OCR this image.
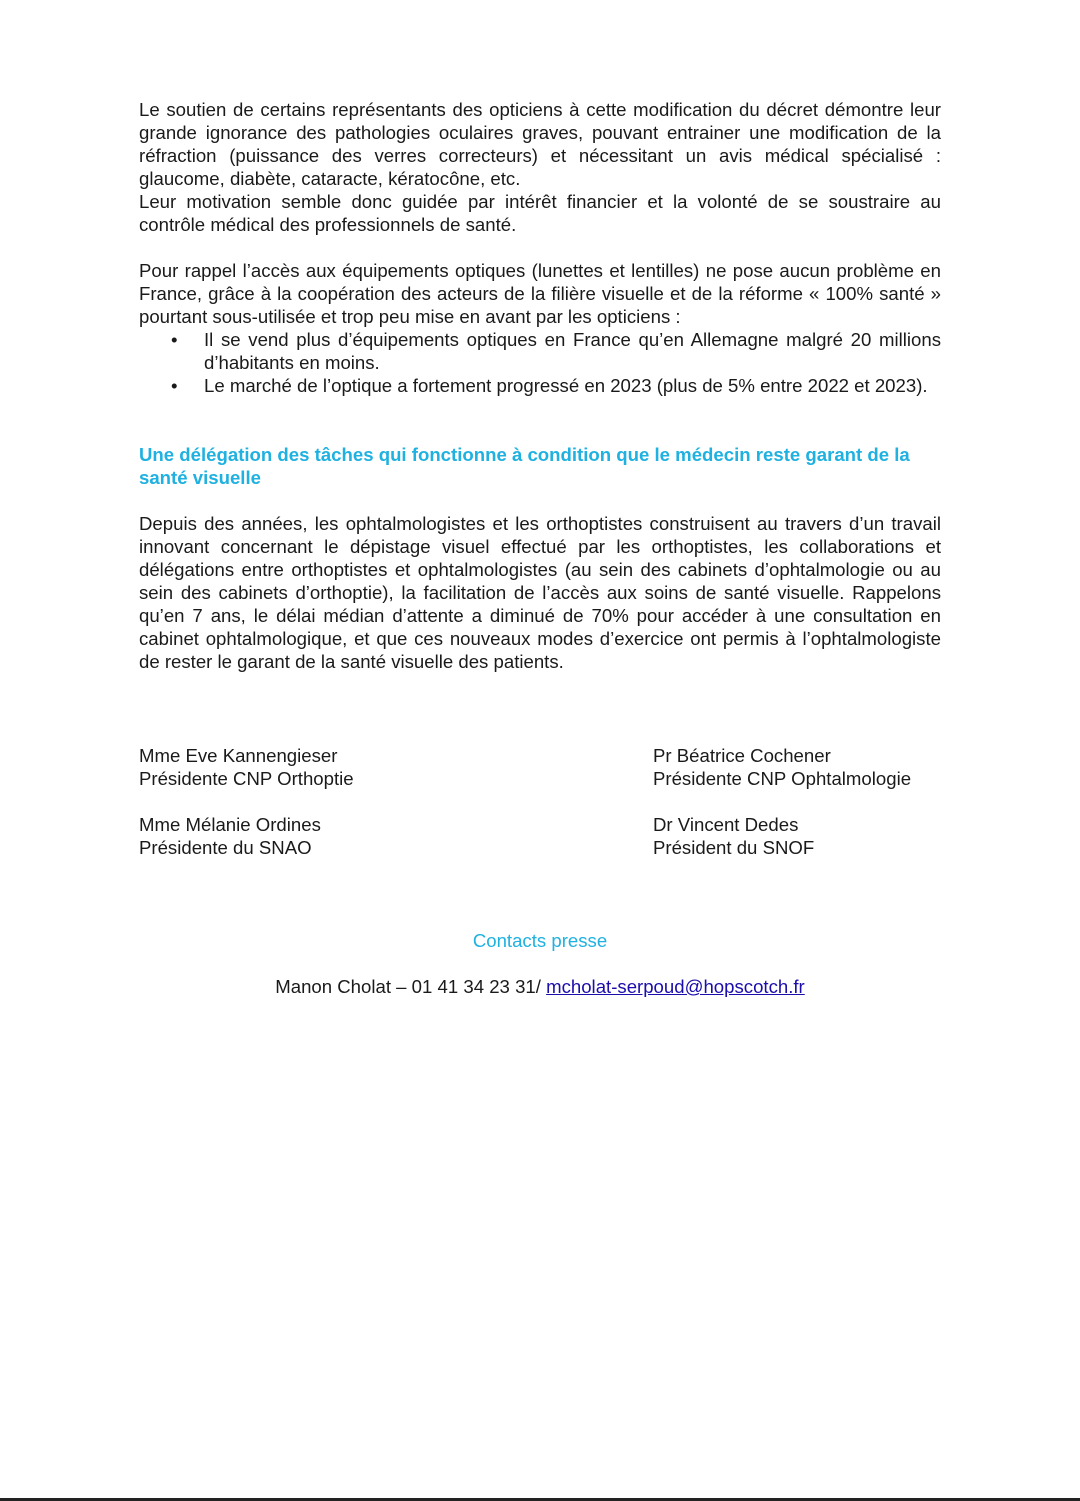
Le soutien de certains représentants des opticiens à cette modification du décret démontre leur grande ignorance des pathologies oculaires graves, pouvant entrainer une modification de la réfraction (puissance des verres correcteurs) et nécessitant un avis médical spécialisé : glaucome, diabète, cataracte, kératocône, etc.

Leur motivation semble donc guidée par intérêt financier et la volonté de se soustraire au contrôle médical des professionnels de santé.

Pour rappel l’accès aux équipements optiques (lunettes et lentilles) ne pose aucun problème en France, grâce à la coopération des acteurs de la filière visuelle et de la réforme « 100% santé » pourtant sous-utilisée et trop peu mise en avant par les opticiens :

• Il se vend plus d’équipements optiques en France qu’en Allemagne malgré 20 millions d’habitants en moins.
• Le marché de l’optique a fortement progressé en 2023 (plus de 5% entre 2022 et 2023).
Une délégation des tâches qui fonctionne à condition que le médecin reste garant de la santé visuelle

Depuis des années, les ophtalmologistes et les orthoptistes construisent au travers d’un travail innovant concernant le dépistage visuel effectué par les orthoptistes, les collaborations et délégations entre orthoptistes et ophtalmologistes (au sein des cabinets d’ophtalmologie ou au sein des cabinets d’orthoptie), la facilitation de l’accès aux soins de santé visuelle. Rappelons qu’en 7 ans, le délai médian d’attente a diminué de 70% pour accéder à une consultation en cabinet ophtalmologique, et que ces nouveaux modes d’exercice ont permis à l’ophtalmologiste de rester le garant de la santé visuelle des patients.

Mme Eve Kannengieser
Présidente CNP Orthoptie
Pr Béatrice Cochener
Présidente CNP Ophtalmologie
Mme Mélanie Ordines
Présidente du SNAO
Dr Vincent Dedes
Président du SNOF
Contacts presse
Manon Cholat – 01 41 34 23 31/ mcholat-serpoud@hopscotch.fr
